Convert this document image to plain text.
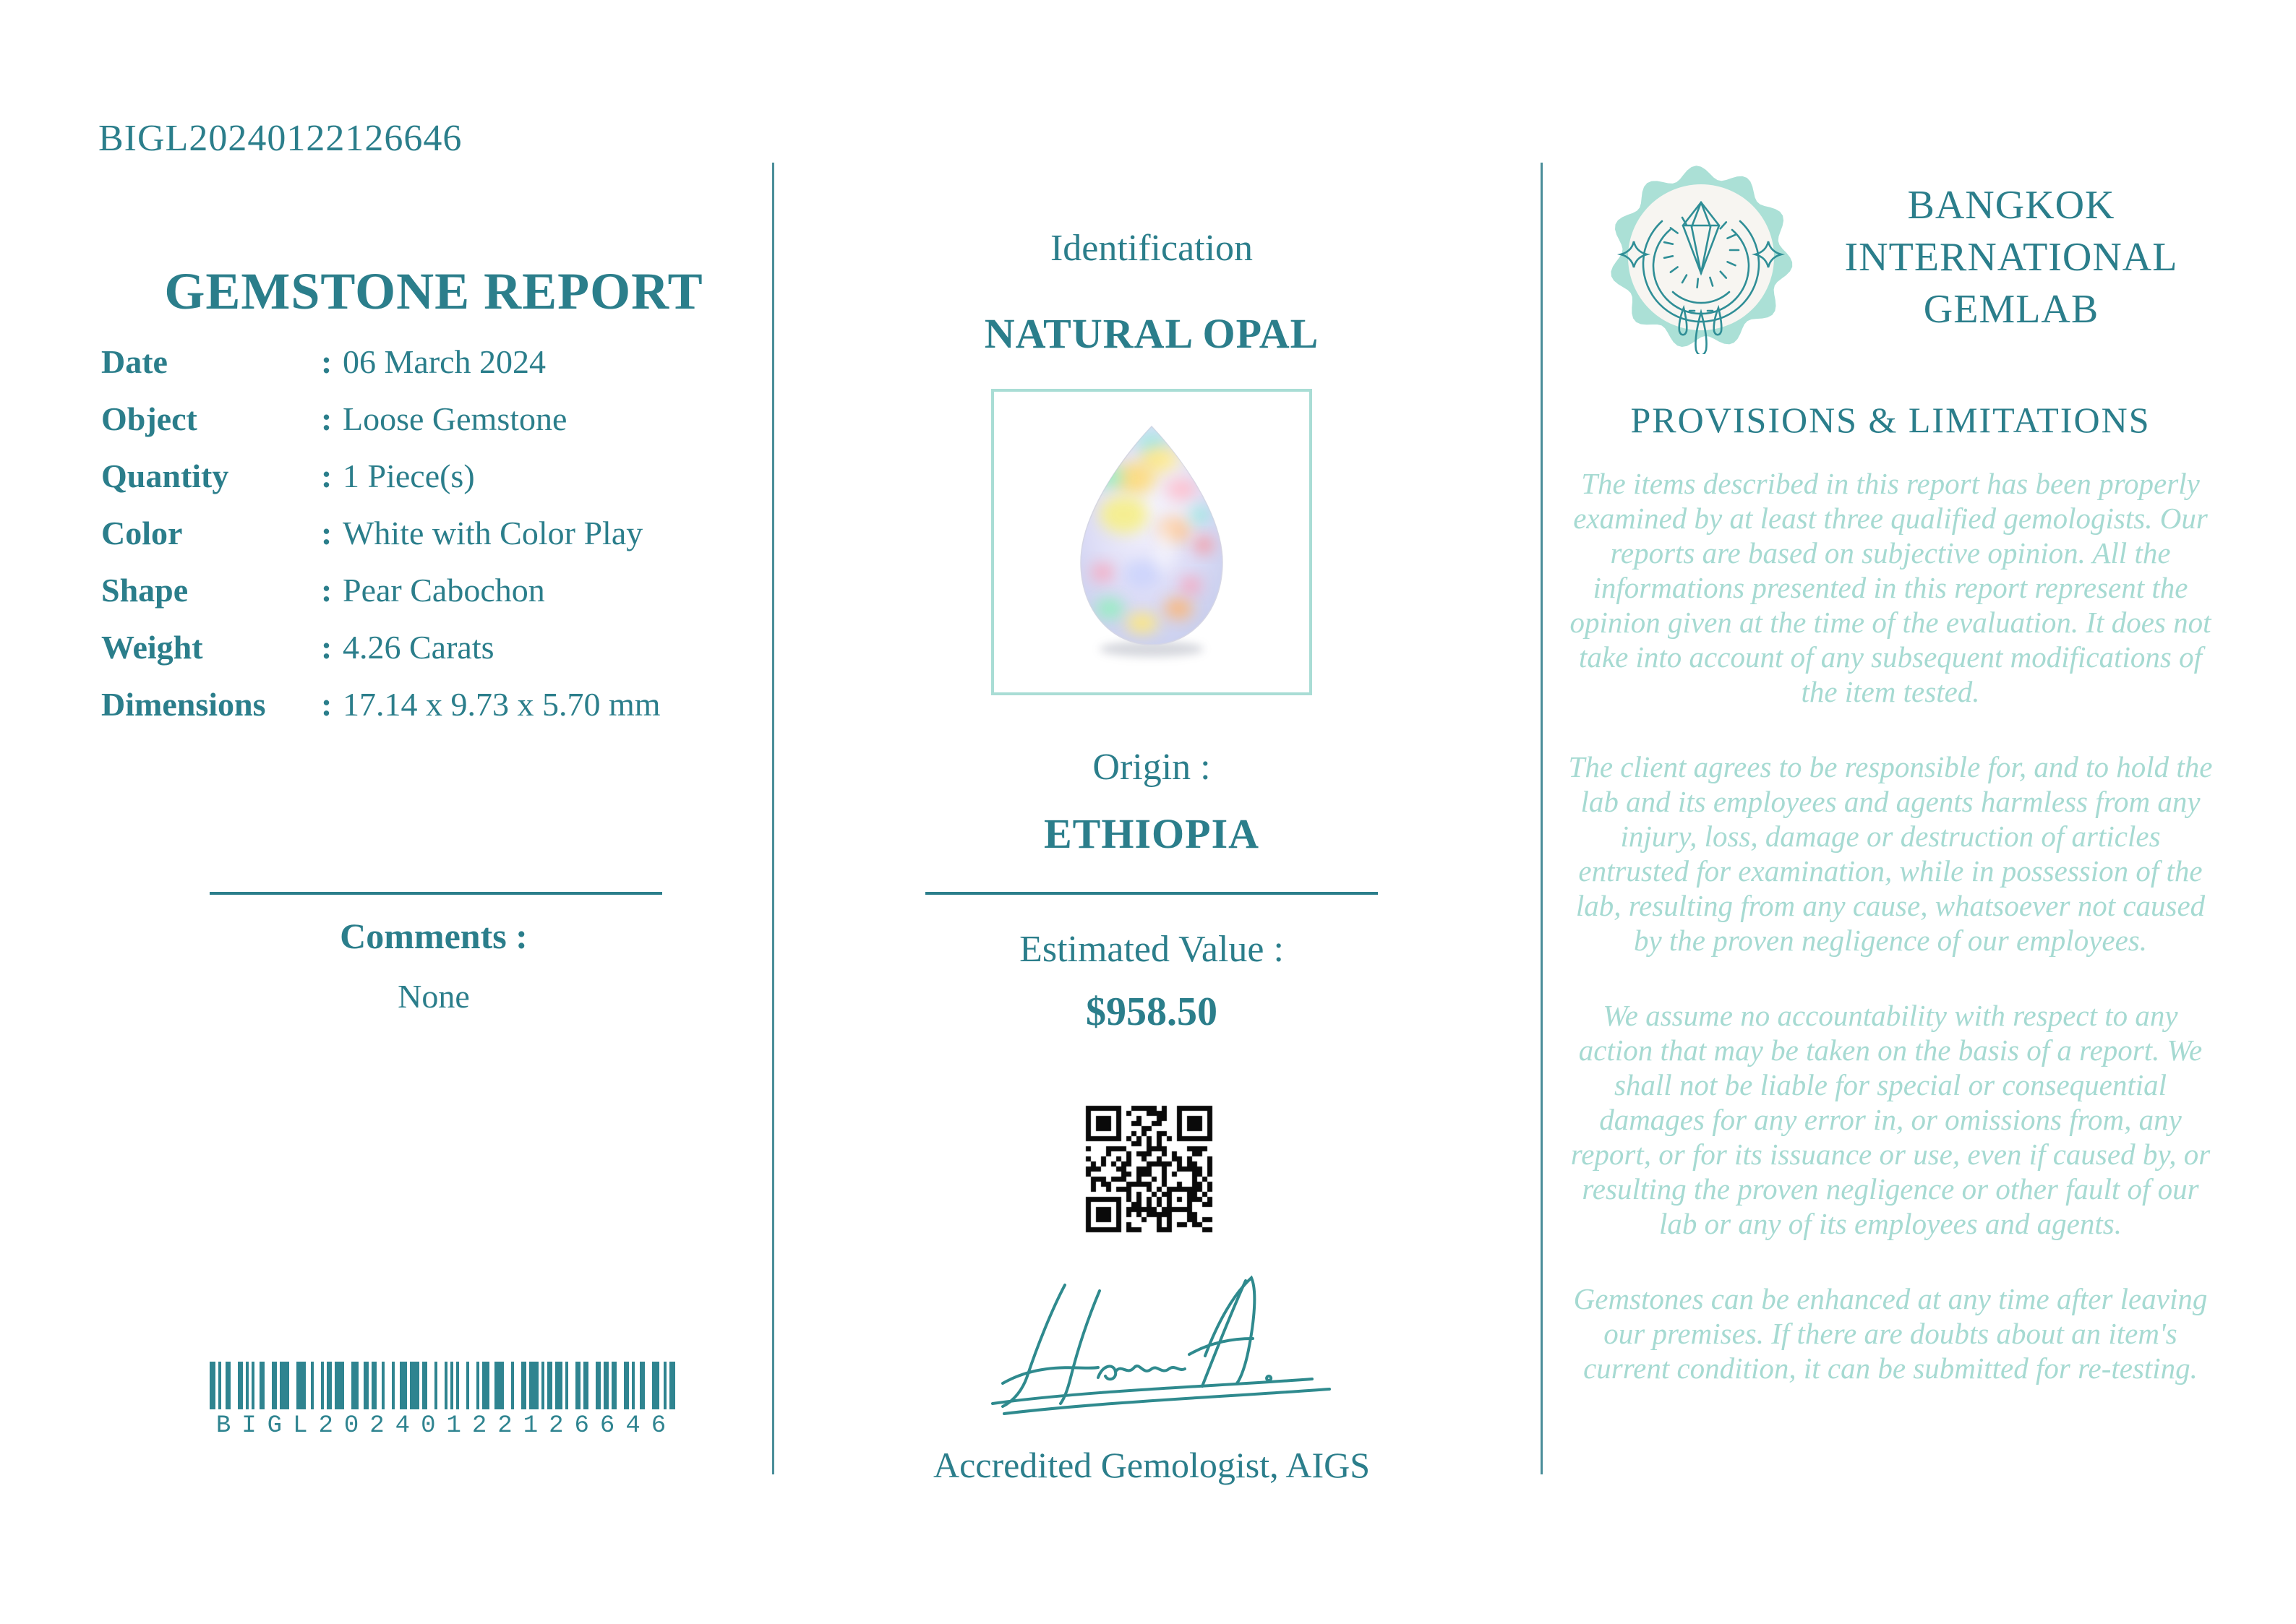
BIGL20240122126646
GEMSTONE REPORT
Date	: 06 March 2024
Object	: Loose Gemstone
Quantity	: 1 Piece(s)
Color	: White with Color Play
Shape	: Pear Cabochon
Weight	: 4.26 Carats
Dimensions	: 17.14 x 9.73 x 5.70 mm
Comments :
None
BIGL20240122126646
Identification
NATURAL OPAL
Origin :
ETHIOPIA
Estimated Value :
$958.50
Accredited Gemologist, AIGS
BANGKOK
INTERNATIONAL
GEMLAB
PROVISIONS & LIMITATIONS

The items described in this report has been properly examined by at least three qualified gemologists. Our reports are based on subjective opinion. All the informations presented in this report represent the opinion given at the time of the evaluation. It does not take into account of any subsequent modifications of the item tested.

The client agrees to be responsible for, and to hold the lab and its employees and agents harmless from any injury, loss, damage or destruction of articles entrusted for examination, while in possession of the lab, resulting from any cause, whatsoever not caused by the proven negligence of our employees.

We assume no accountability with respect to any action that may be taken on the basis of a report. We shall not be liable for special or consequential damages for any error in, or omissions from, any report, or for its issuance or use, even if caused by, or resulting the proven negligence or other fault of our lab or any of its employees and agents.

Gemstones can be enhanced at any time after leaving our premises. If there are doubts about an item's current condition, it can be submitted for re-testing.
